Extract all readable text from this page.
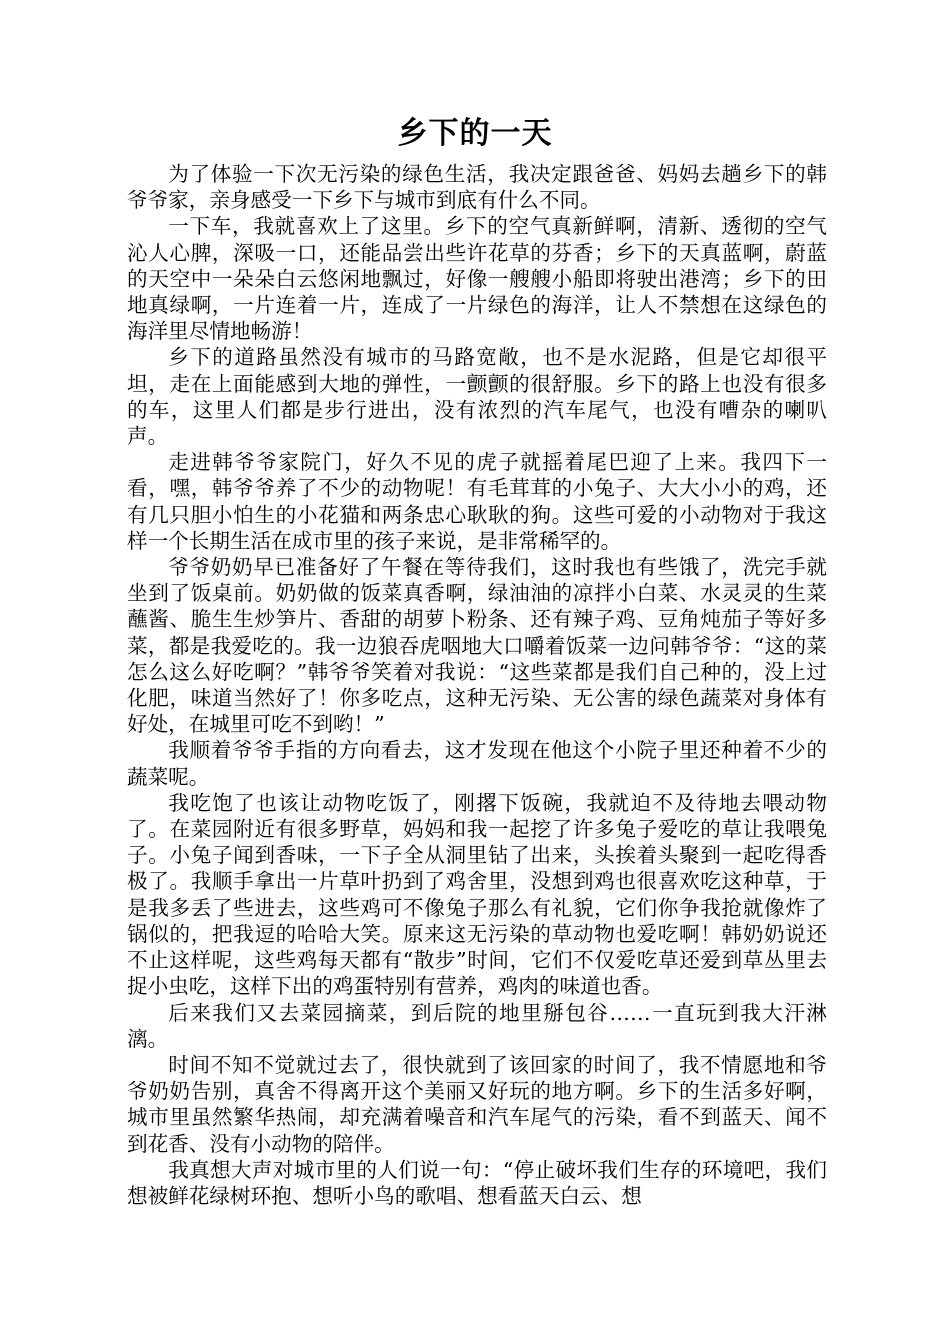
乡下的一天

为了体验一下次无污染的绿色生活，我决定跟爸爸、妈妈去趟乡下的韩爷爷家，亲身感受一下乡下与城市到底有什么不同。

一下车，我就喜欢上了这里。乡下的空气真新鲜啊，清新、透彻的空气沁人心脾，深吸一口，还能品尝出些许花草的芬香；乡下的天真蓝啊，蔚蓝的天空中一朵朵白云悠闲地飘过，好像一艘艘小船即将驶出港湾；乡下的田地真绿啊，一片连着一片，连成了一片绿色的海洋，让人不禁想在这绿色的海洋里尽情地畅游！

乡下的道路虽然没有城市的马路宽敞，也不是水泥路，但是它却很平坦，走在上面能感到大地的弹性，一颤颤的很舒服。乡下的路上也没有很多的车，这里人们都是步行进出，没有浓烈的汽车尾气，也没有嘈杂的喇叭声。

走进韩爷爷家院门，好久不见的虎子就摇着尾巴迎了上来。我四下一看，嘿，韩爷爷养了不少的动物呢！有毛茸茸的小兔子、大大小小的鸡，还有几只胆小怕生的小花猫和两条忠心耿耿的狗。这些可爱的小动物对于我这样一个长期生活在成市里的孩子来说，是非常稀罕的。

爷爷奶奶早已准备好了午餐在等待我们，这时我也有些饿了，洗完手就坐到了饭桌前。奶奶做的饭菜真香啊，绿油油的凉拌小白菜、水灵灵的生菜蘸酱、脆生生炒笋片、香甜的胡萝卜粉条、还有辣子鸡、豆角炖茄子等好多菜，都是我爱吃的。我一边狼吞虎咽地大口嚼着饭菜一边问韩爷爷：“这的菜怎么这么好吃啊？”韩爷爷笑着对我说：“这些菜都是我们自己种的，没上过化肥，味道当然好了！你多吃点，这种无污染、无公害的绿色蔬菜对身体有好处，在城里可吃不到哟！”

我顺着爷爷手指的方向看去，这才发现在他这个小院子里还种着不少的蔬菜呢。

我吃饱了也该让动物吃饭了，刚撂下饭碗，我就迫不及待地去喂动物了。在菜园附近有很多野草，妈妈和我一起挖了许多兔子爱吃的草让我喂兔子。小兔子闻到香味，一下子全从洞里钻了出来，头挨着头聚到一起吃得香极了。我顺手拿出一片草叶扔到了鸡舍里，没想到鸡也很喜欢吃这种草，于是我多丢了些进去，这些鸡可不像兔子那么有礼貌，它们你争我抢就像炸了锅似的，把我逗的哈哈大笑。原来这无污染的草动物也爱吃啊！韩奶奶说还不止这样呢，这些鸡每天都有“散步”时间，它们不仅爱吃草还爱到草丛里去捉小虫吃，这样下出的鸡蛋特别有营养，鸡肉的味道也香。

后来我们又去菜园摘菜，到后院的地里掰包谷……一直玩到我大汗淋漓。

时间不知不觉就过去了，很快就到了该回家的时间了，我不情愿地和爷爷奶奶告别，真舍不得离开这个美丽又好玩的地方啊。乡下的生活多好啊，城市里虽然繁华热闹，却充满着噪音和汽车尾气的污染，看不到蓝天、闻不到花香、没有小动物的陪伴。

我真想大声对城市里的人们说一句：“停止破坏我们生存的环境吧，我们想被鲜花绿树环抱、想听小鸟的歌唱、想看蓝天白云、想
